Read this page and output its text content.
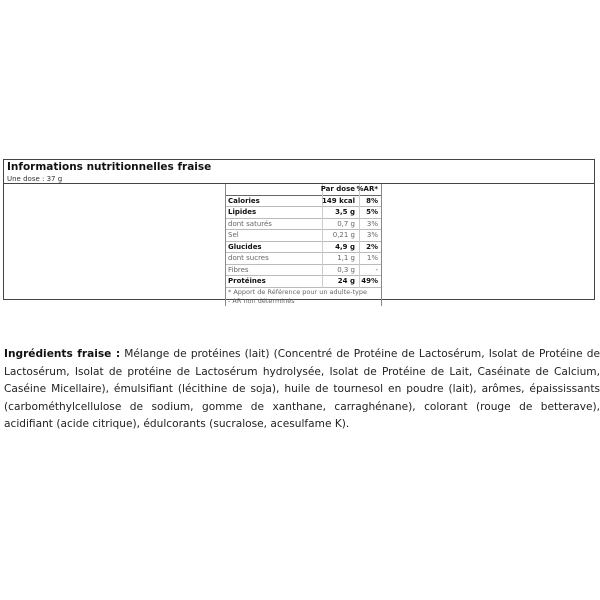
Informations nutritionnelles fraise
Une dose : 37 g
Par dose %AR*
Calories	149 kcal 8%
Lipides	3,5 g 5%
dont saturés	0,7 g 3%
Sel	0,21 g 3%
Glucides	4,9 g 2%
dont sucres	1,1 g 1%
Fibres	0,3 g	-
Protéines	24 g 49%
* Apport de Référence pour un adulte-type
- AR non déterminés
Ingrédients fraise : Mélange de protéines (lait) (Concentré de Protéine de Lactosérum, Isolat de Protéine de Lactosérum, Isolat de protéine de Lactosérum hydrolysée, Isolat de Protéine de Lait, Caséinate de Calcium, Caséine Micellaire), émulsifiant (lécithine de soja), huile de tournesol en poudre (lait), arômes, épaississants (carbométhylcellulose de sodium, gomme de xanthane, carraghénane), colorant (rouge de betterave), acidifiant (acide citrique), édulcorants (sucralose, acesulfame K).
